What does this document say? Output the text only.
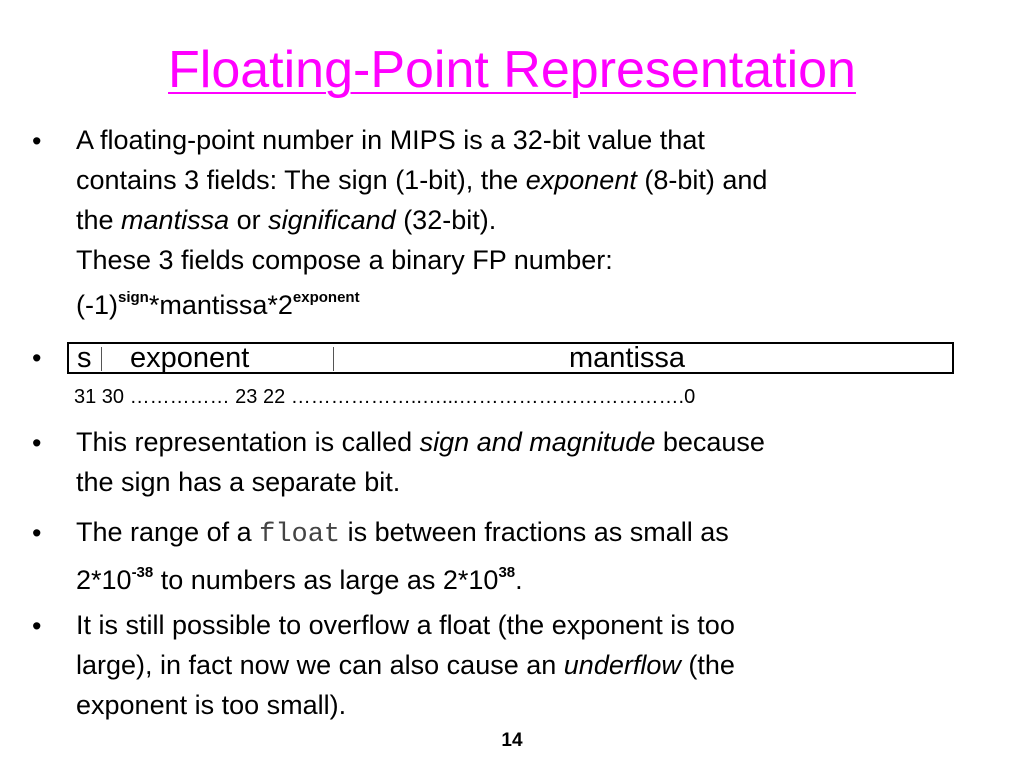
Floating-Point Representation
• A floating-point number in MIPS is a 32-bit value that
contains 3 fields: The sign (1-bit), the exponent (8-bit) and
the mantissa or significand (32-bit).
These 3 fields compose a binary FP number:
$(-1)^{sign}*mantissa*2^{exponent}$
• s exponent	mantissa
31 30 …………… 23 22 ………………..…...…………………………….0
• This representation is called sign and magnitude because
the sign has a separate bit.
• The range of a float is between fractions as small as
$2*10^{-38}$ to numbers as large as $2*10^{38}$.
• It is still possible to overflow a float (the exponent is too
large), in fact now we can also cause an underflow (the
exponent is too small).
14
